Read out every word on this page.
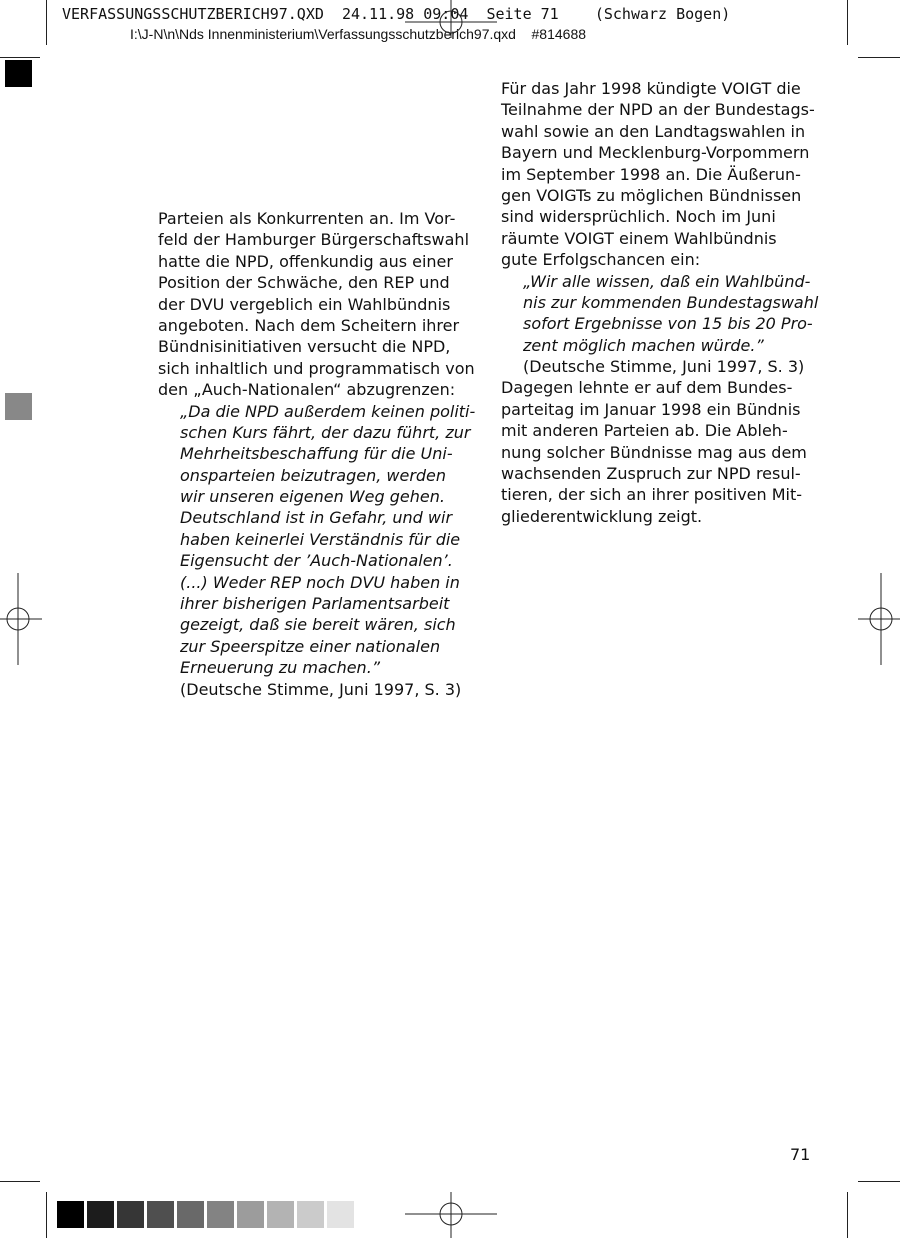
VERFASSUNGSSCHUTZBERICH97.QXD  24.11.98 09:04  Seite 71    (Schwarz Bogen)
I:\J-N\n\Nds Innenministerium\Verfassungsschutzberich97.qxd    #814688
Parteien als Konkurrenten an. Im Vor-
feld der Hamburger Bürgerschaftswahl
hatte die NPD, offenkundig aus einer
Position der Schwäche, den REP und
der DVU vergeblich ein Wahlbündnis
angeboten. Nach dem Scheitern ihrer
Bündnisinitiativen versucht die NPD,
sich inhaltlich und programmatisch von
den „Auch-Nationalen“ abzugrenzen:
„Da die NPD außerdem keinen politi-
schen Kurs fährt, der dazu führt, zur
Mehrheitsbeschaffung für die Uni-
onsparteien beizutragen, werden
wir unseren eigenen Weg gehen.
Deutschland ist in Gefahr, und wir
haben keinerlei Verständnis für die
Eigensucht der ’Auch-Nationalen’.
(...) Weder REP noch DVU haben in
ihrer bisherigen Parlamentsarbeit
gezeigt, daß sie bereit wären, sich
zur Speerspitze einer nationalen
Erneuerung zu machen.”
(Deutsche Stimme, Juni 1997, S. 3)
Für das Jahr 1998 kündigte VOIGT die
Teilnahme der NPD an der Bundestags-
wahl sowie an den Landtagswahlen in
Bayern und Mecklenburg-Vorpommern
im September 1998 an. Die Äußerun-
gen VOIGTs zu möglichen Bündnissen
sind widersprüchlich. Noch im Juni
räumte VOIGT einem Wahlbündnis
gute Erfolgschancen ein:
„Wir alle wissen, daß ein Wahlbünd-
nis zur kommenden Bundestagswahl
sofort Ergebnisse von 15 bis 20 Pro-
zent möglich machen würde.”
(Deutsche Stimme, Juni 1997, S. 3)
Dagegen lehnte er auf dem Bundes-
parteitag im Januar 1998 ein Bündnis
mit anderen Parteien ab. Die Ableh-
nung solcher Bündnisse mag aus dem
wachsenden Zuspruch zur NPD resul-
tieren, der sich an ihrer positiven Mit-
gliederentwicklung zeigt.
71
